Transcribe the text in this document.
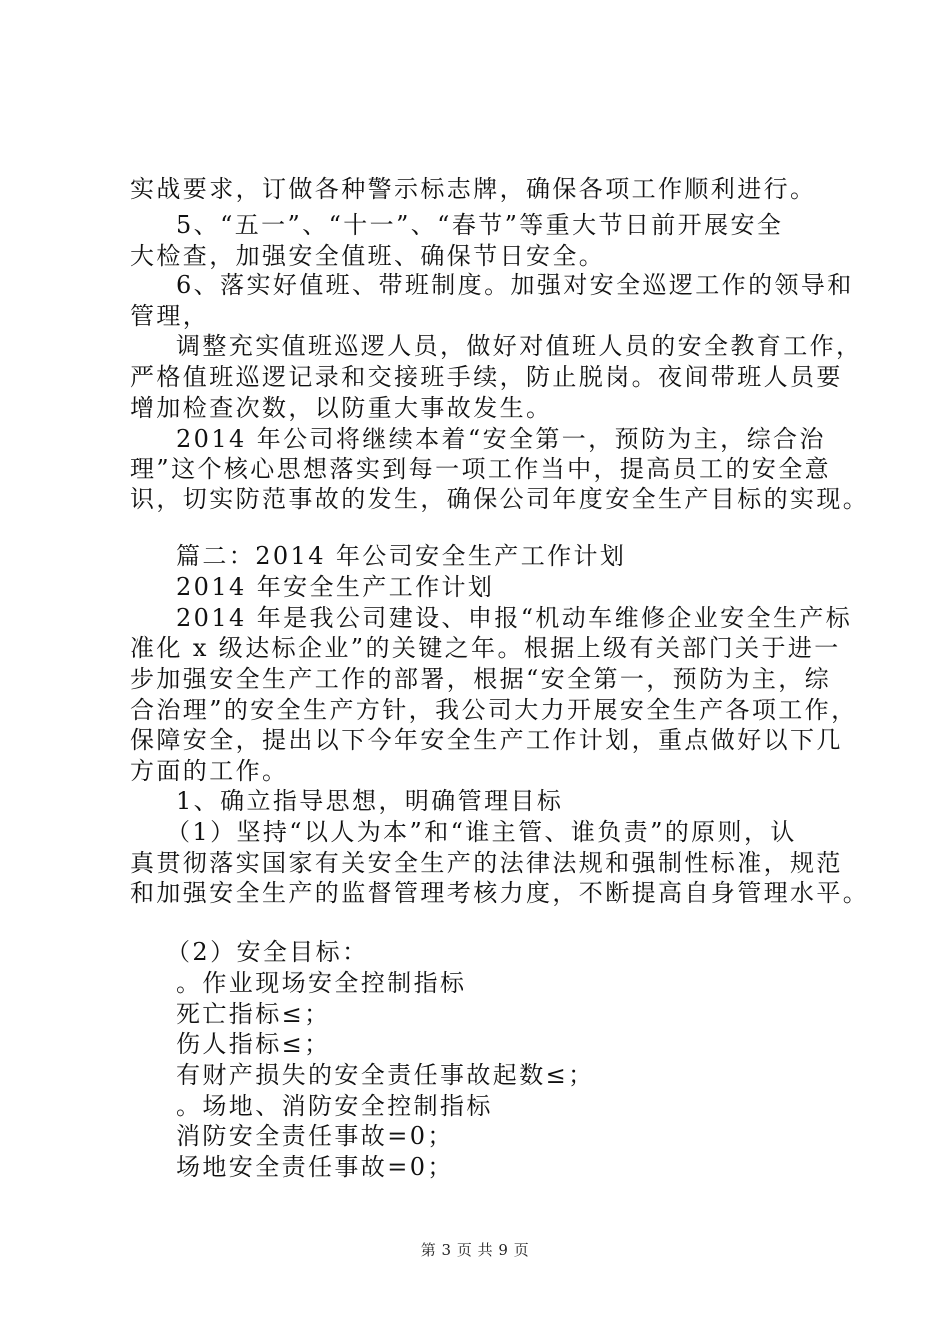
实战要求，订做各种警示标志牌，确保各项工作顺利进行。
5、“五一”、“十一”、“春节”等重大节日前开展安全
大检查，加强安全值班、确保节日安全。
6、落实好值班、带班制度。加强对安全巡逻工作的领导和
管理，
调整充实值班巡逻人员，做好对值班人员的安全教育工作，
严格值班巡逻记录和交接班手续，防止脱岗。夜间带班人员要
增加检查次数，以防重大事故发生。
2014 年公司将继续本着“安全第一，预防为主，综合治
理”这个核心思想落实到每一项工作当中，提高员工的安全意
识，切实防范事故的发生，确保公司年度安全生产目标的实现。
篇二：2014 年公司安全生产工作计划
2014 年安全生产工作计划
2014 年是我公司建设、申报“机动车维修企业安全生产标
准化 x 级达标企业”的关键之年。根据上级有关部门关于进一
步加强安全生产工作的部署，根据“安全第一，预防为主，综
合治理”的安全生产方针，我公司大力开展安全生产各项工作，
保障安全，提出以下今年安全生产工作计划，重点做好以下几
方面的工作。
1、确立指导思想，明确管理目标
（1）坚持“以人为本”和“谁主管、谁负责”的原则，认
真贯彻落实国家有关安全生产的法律法规和强制性标准，规范
和加强安全生产的监督管理考核力度，不断提高自身管理水平。
（2）安全目标：
。作业现场安全控制指标
死亡指标≤；
伤人指标≤；
有财产损失的安全责任事故起数≤；
。场地、消防安全控制指标
消防安全责任事故=0；
场地安全责任事故=0；
第 3 页 共 9 页
